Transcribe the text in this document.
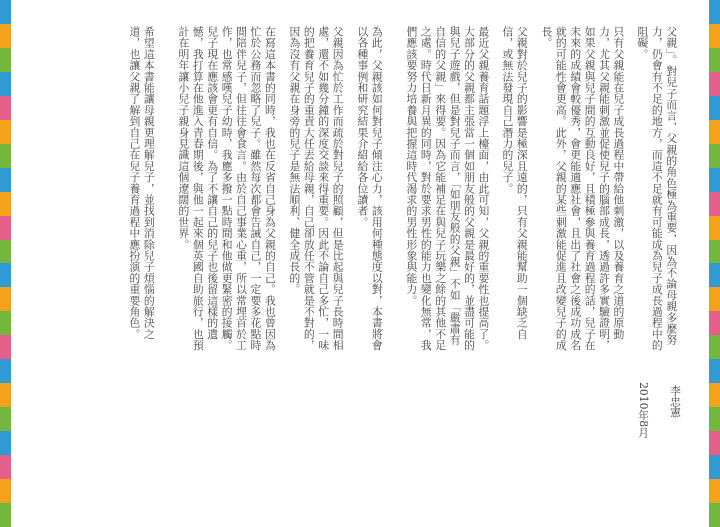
父親」。對兒子而言，父親的角色極為重要，因為不論母親多麼努力，仍會有不足的地方，而這不足就有可能成為兒子成長過程中的阻礙。
只有父親能在兒子成長過程中帶給他刺激，以及養育之道的原動力，尤其父親能刺激並促使兒子的腦部成長，透過許多實驗證明，如果父親與兒子間的互動良好，且積極參與養育過程的話，兒子在未來的成績會較優秀，會更能適應社會，且出了社會之後成功成名就的可能性會更高。此外，父親的某些刺激能促進且改變兒子的成長。
父親對於兒子的影響是極深且遠的，只有父親能幫助一個缺乏自信，或無法發現自己潛力的兒子。
最近父親養育話題浮上檯面，由此可知，父親的重要性也提高了。大部分的父親都主張當一個如朋友般的父親是最好的，並盡可能的與兒子遊戲，但是對兒子而言，「如朋友般的父親」不如「嚴肅有自信的父親」來得要。因為它能補足在與兒子玩樂之餘的其他不足之處。時代日新月異的同時，對於要求男性的能力也變化無常，我們應該要努力培養與把握這時代渴求的男性形象與能力。
為此，父親該如何對兒子傾注心力，該用何種態度以對，本書將會以各種事例和研究結果介紹給各位讀者。
父親因為忙於工作而疏於對兒子的照顧，但是比起與兒子長時間相處，還不如幾分鐘的深度交談來得重要。因此不論自己多忙，一味的把養育兒子的重責大任丟給母親，自己卻放任不管就是不對的，因為沒有父親在身旁的兒子是無法順利、健全成長的。
在寫這本書的同時，我也在反省自己身為父親的自己。我也曾因為忙於公務而忽略了兒子。雖然每次都會告誡自己，一定要多花點時間陪伴兒子，但往往會食言。由於自己事業心重，所以常埋首於工作，也常感嘆兒子幼時，我應多撥一點時間和他做更緊密的接觸。兒子現在應該會更有自信。為了不讓自己的兒子也後留這樣的遺憾，我打算在他進入青春期後，與他一起來個英國自助旅行，也預計在明年讓小兒子親身見識這個遼闊的世界。
希望這本書能讓母親更理解兒子，並找到消除兒子煩惱的解決之道，也讓父親了解到自己在兒子養育過程中應扮演的重要角色。
李忠憲
2010年8月
